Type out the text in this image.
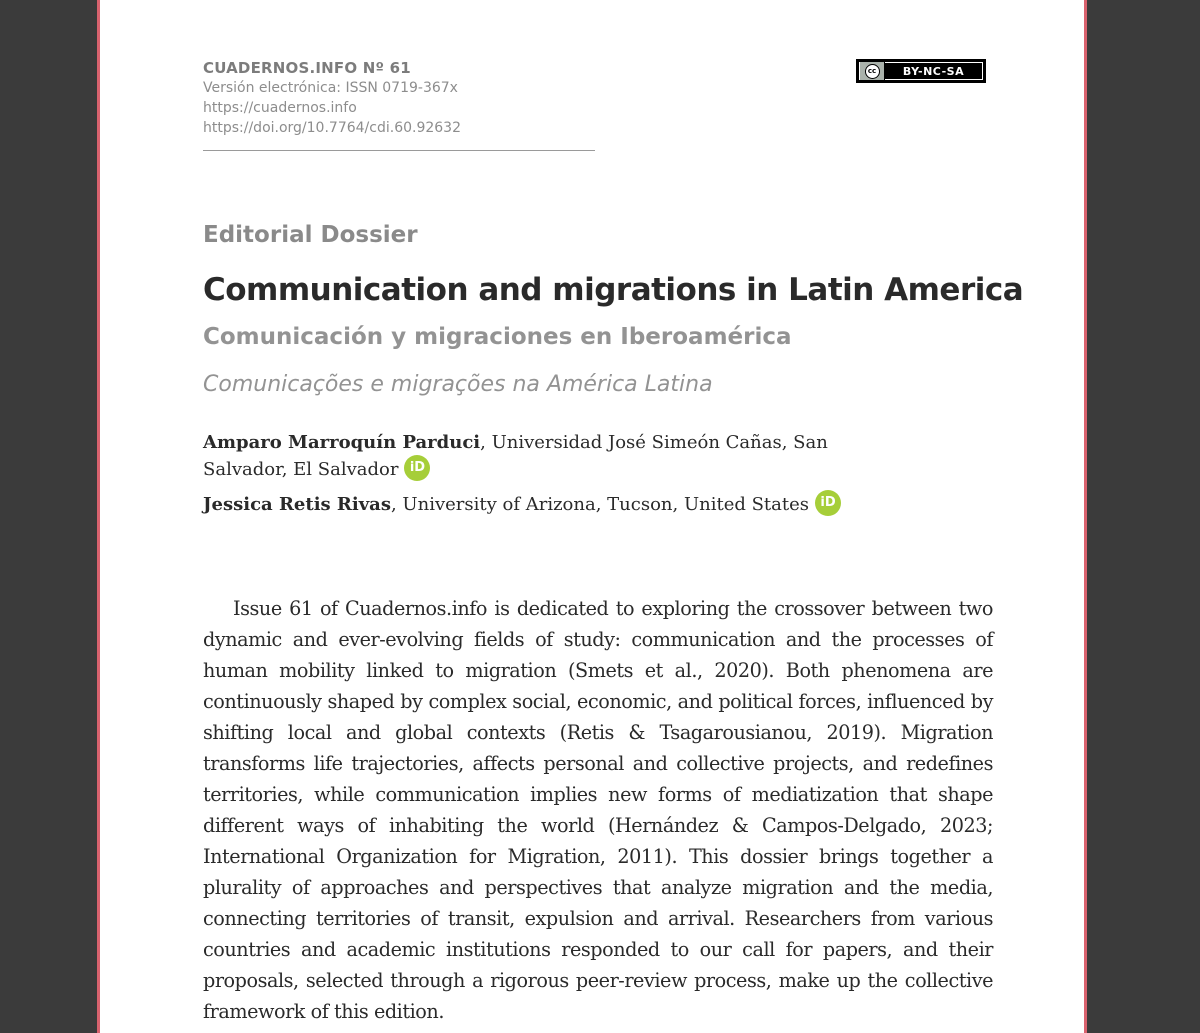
CUADERNOS.INFO Nº 61
Versión electrónica: ISSN 0719-367x
https://cuadernos.info
https://doi.org/10.7764/cdi.60.92632
cc	BY-NC-SA
Editorial Dossier
Communication and migrations in Latin America
Comunicación y migraciones en Iberoamérica
Comunicações e migrações na América Latina
Amparo Marroquín Parduci, Universidad José Simeón Cañas, San Salvador, El Salvador iD
Jessica Retis Rivas, University of Arizona, Tucson, United States iD

Issue 61 of Cuadernos.info is dedicated to exploring the crossover between two dynamic and ever-evolving fields of study: communication and the processes of human mobility linked to migration (Smets et al., 2020). Both phenomena are continuously shaped by complex social, economic, and political forces, influenced by shifting local and global contexts (Retis & Tsagarousianou, 2019). Migration transforms life trajectories, affects personal and collective projects, and redefines territories, while communication implies new forms of mediatization that shape different ways of inhabiting the world (Hernández & Campos-Delgado, 2023; International Organization for Migration, 2011). This dossier brings together a plurality of approaches and perspectives that analyze migration and the media, connecting territories of transit, expulsion and arrival. Researchers from various countries and academic institutions responded to our call for papers, and their proposals, selected through a rigorous peer-review process, make up the collective framework of this edition.
